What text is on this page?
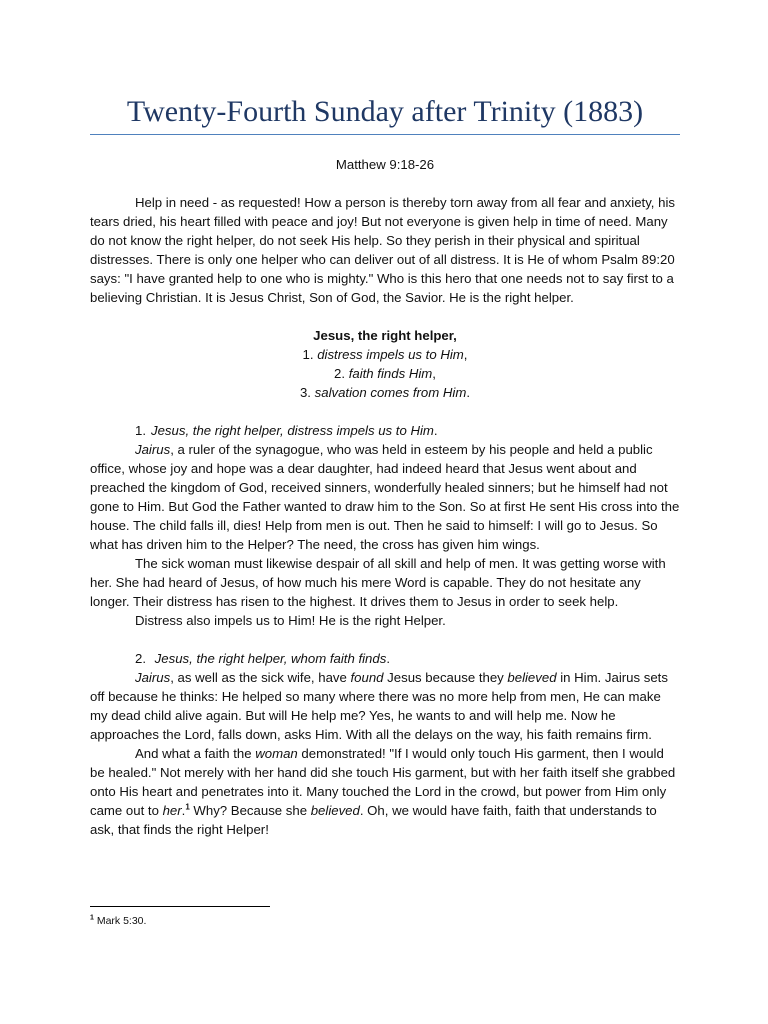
Twenty-Fourth Sunday after Trinity (1883)

Matthew 9:18-26

Help in need - as requested! How a person is thereby torn away from all fear and anxiety, his tears dried, his heart filled with peace and joy! But not everyone is given help in time of need. Many do not know the right helper, do not seek His help. So they perish in their physical and spiritual distresses. There is only one helper who can deliver out of all distress. It is He of whom Psalm 89:20 says: "I have granted help to one who is mighty." Who is this hero that one needs not to say first to a believing Christian. It is Jesus Christ, Son of God, the Savior. He is the right helper.

Jesus, the right helper,

1. distress impels us to Him,

2. faith finds Him,

3. salvation comes from Him.

1. Jesus, the right helper, distress impels us to Him.

Jairus, a ruler of the synagogue, who was held in esteem by his people and held a public office, whose joy and hope was a dear daughter, had indeed heard that Jesus went about and preached the kingdom of God, received sinners, wonderfully healed sinners; but he himself had not gone to Him. But God the Father wanted to draw him to the Son. So at first He sent His cross into the house. The child falls ill, dies! Help from men is out. Then he said to himself: I will go to Jesus. So what has driven him to the Helper? The need, the cross has given him wings.

The sick woman must likewise despair of all skill and help of men. It was getting worse with her. She had heard of Jesus, of how much his mere Word is capable. They do not hesitate any longer. Their distress has risen to the highest. It drives them to Jesus in order to seek help.

Distress also impels us to Him! He is the right Helper.

2. Jesus, the right helper, whom faith finds.

Jairus, as well as the sick wife, have found Jesus because they believed in Him. Jairus sets off because he thinks: He helped so many where there was no more help from men, He can make my dead child alive again. But will He help me? Yes, he wants to and will help me. Now he approaches the Lord, falls down, asks Him. With all the delays on the way, his faith remains firm.

And what a faith the woman demonstrated! "If I would only touch His garment, then I would be healed." Not merely with her hand did she touch His garment, but with her faith itself she grabbed onto His heart and penetrates into it. Many touched the Lord in the crowd, but power from Him only came out to her.$^1$ Why? Because she believed. Oh, we would have faith, faith that understands to ask, that finds the right Helper!

$^1$ Mark 5:30.
